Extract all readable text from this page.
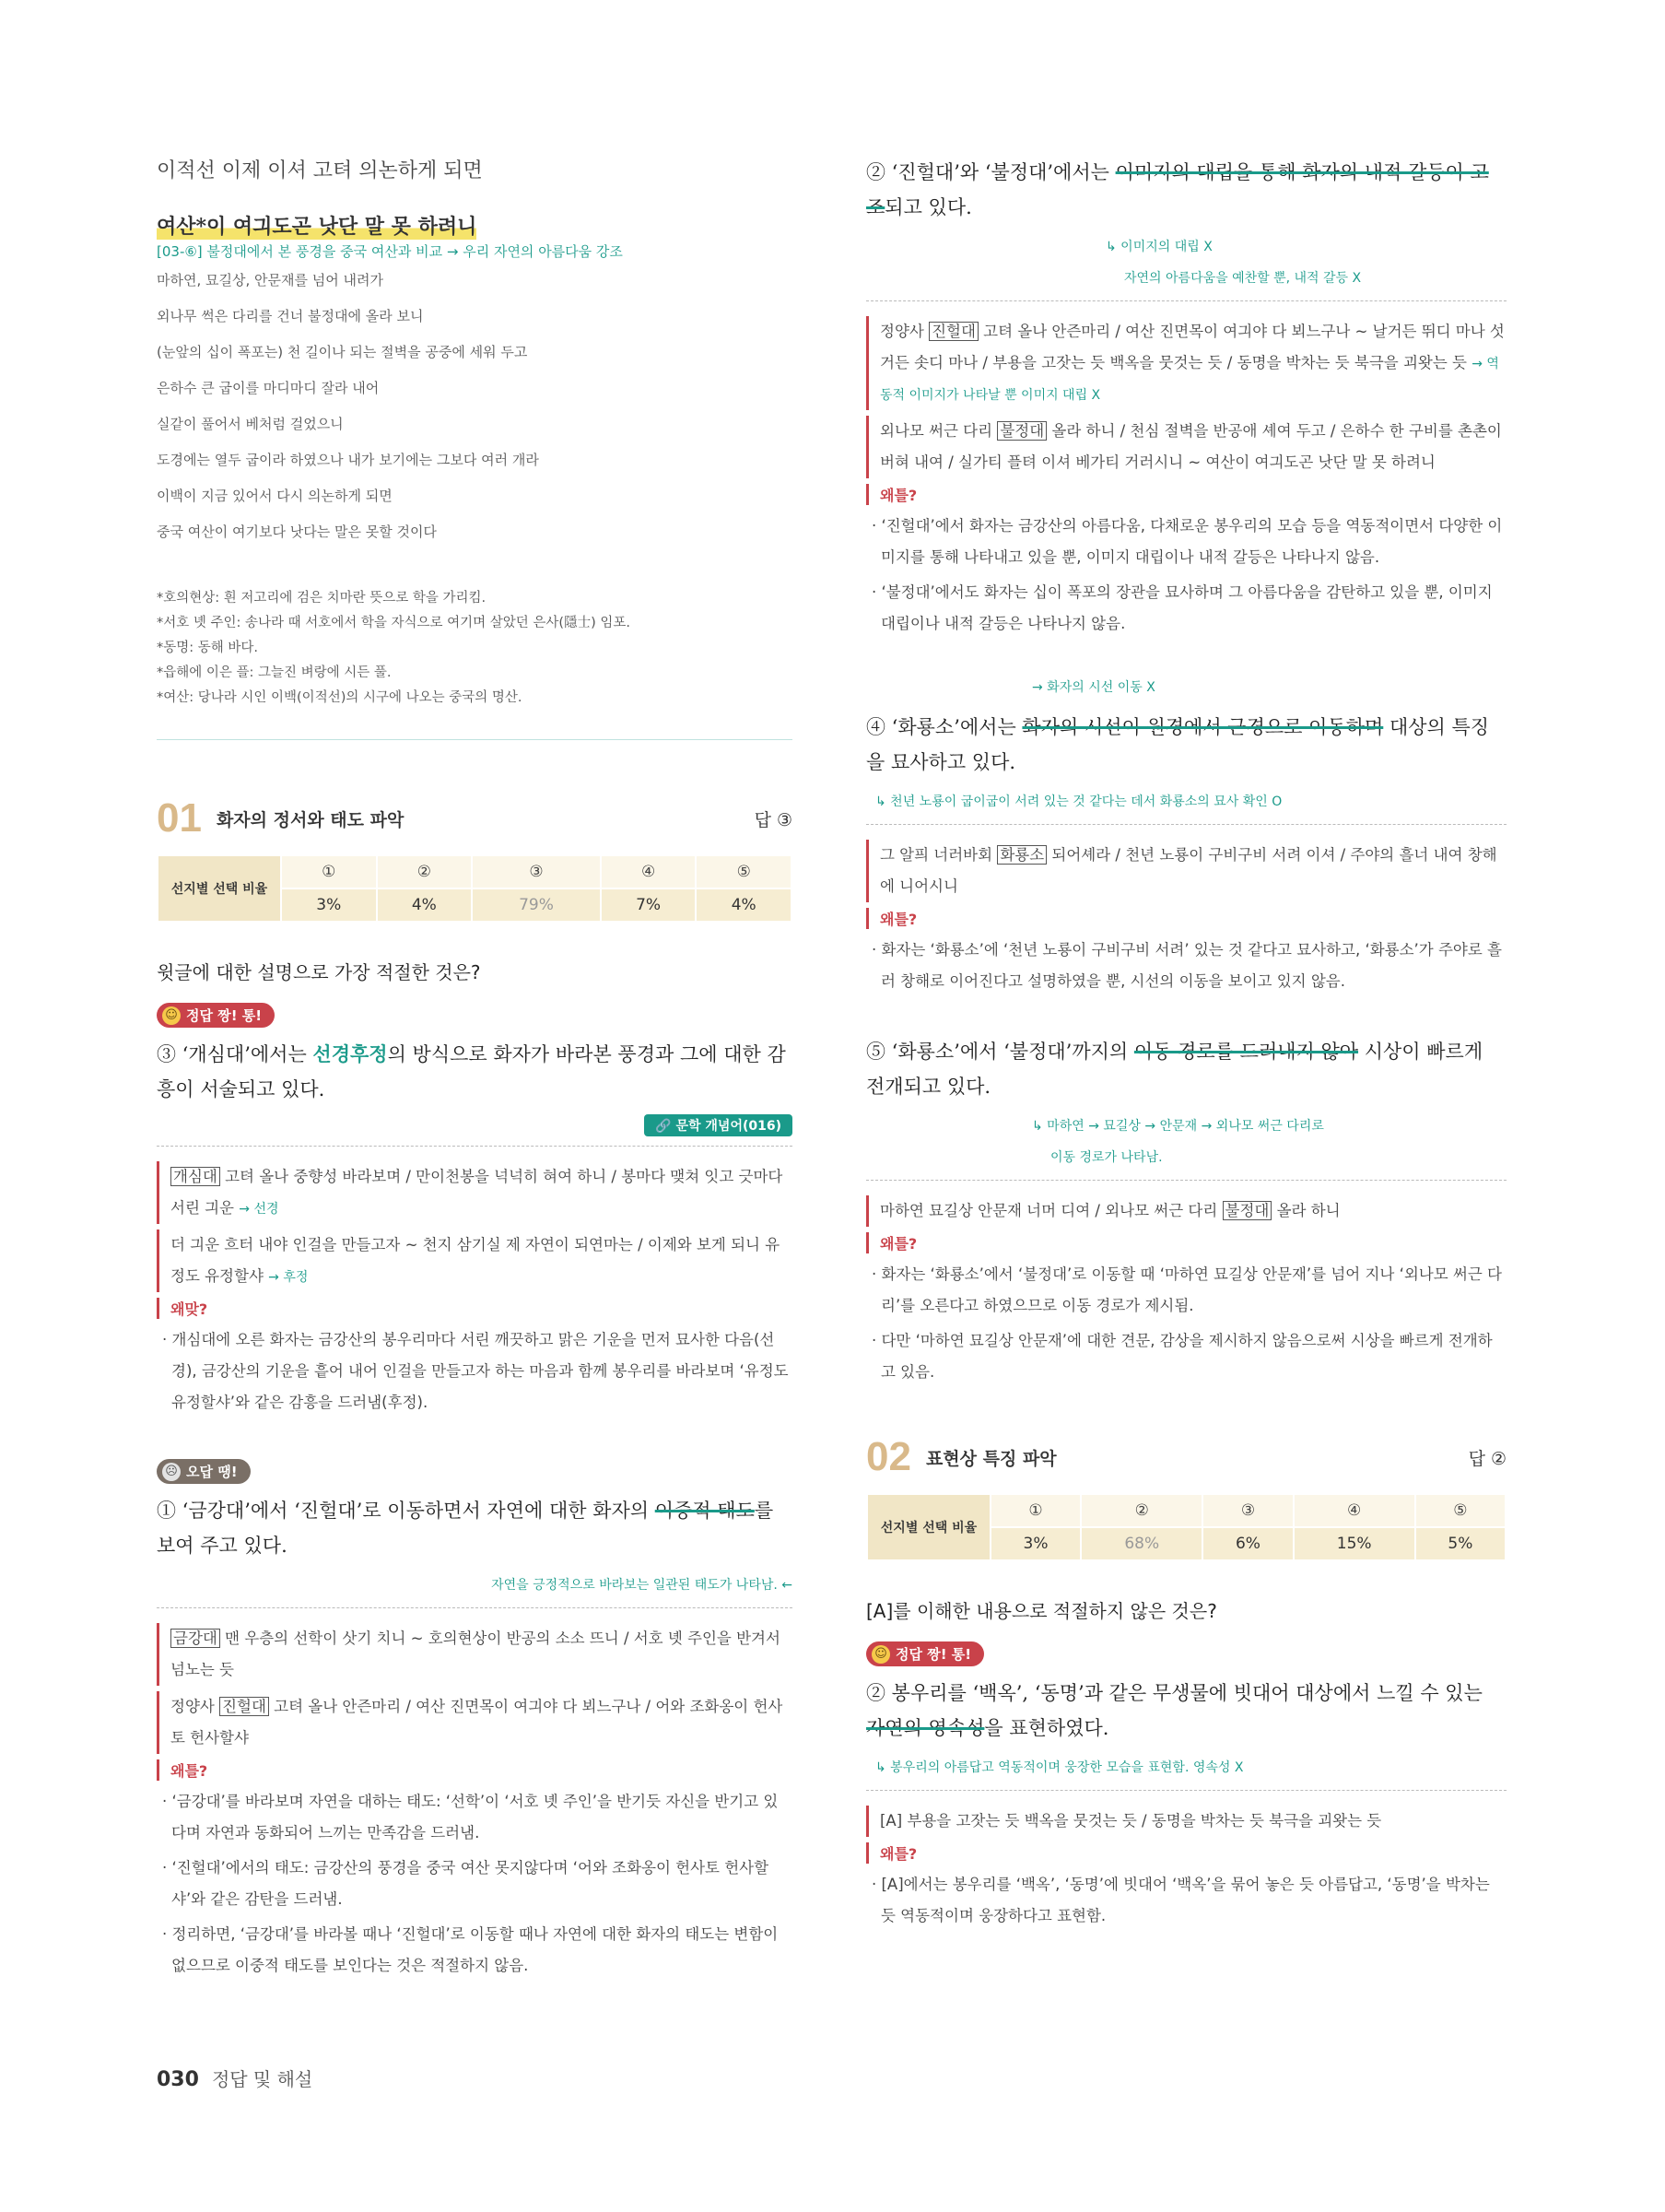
이적선 이제 이셔 고텨 의논하게 되면

여산*이 여긔도곤 낫단 말 못 하려니

[03-⑥] 불정대에서 본 풍경을 중국 여산과 비교 → 우리 자연의 아름다움 강조

마하연, 묘길상, 안문재를 넘어 내려가

외나무 썩은 다리를 건너 불정대에 올라 보니

(눈앞의 십이 폭포는) 천 길이나 되는 절벽을 공중에 세워 두고

은하수 큰 굽이를 마디마디 잘라 내어

실같이 풀어서 베처럼 걸었으니

도경에는 열두 굽이라 하였으나 내가 보기에는 그보다 여러 개라

이백이 지금 있어서 다시 의논하게 되면

중국 여산이 여기보다 낫다는 말은 못할 것이다

*호의현상: 흰 저고리에 검은 치마란 뜻으로 학을 가리킴.

*서호 녯 주인: 송나라 때 서호에서 학을 자식으로 여기며 살았던 은사(隱士) 임포.

*동명: 동해 바다.

*읍해에 이은 플: 그늘진 벼랑에 시든 풀.

*여산: 당나라 시인 이백(이적선)의 시구에 나오는 중국의 명산.

01 화자의 정서와 태도 파악	답 ③
선지별 선택 비율	①	②	③	④	⑤
	3%	4%	79%	7%	4%

윗글에 대한 설명으로 가장 적절한 것은?

☺ 정답 짱! 통!

③ ‘개심대’에서는 선경후정의 방식으로 화자가 바라본 풍경과 그에 대한 감흥이 서술되고 있다.

🔗 문학 개념어(016)

개심대 고텨 올나 중향성 바라보며 / 만이천봉을 넉넉히 혀여 하니 / 봉마다 맺쳐 잇고 긋마다 서린 긔운 → 선경

더 긔운 흐터 내야 인걸을 만들고자 ~ 천지 삼기실 제 자연이 되연마는 / 이제와 보게 되니 유정도 유정할샤 → 후정

왜맞?

· 개심대에 오른 화자는 금강산의 봉우리마다 서린 깨끗하고 맑은 기운을 먼저 묘사한 다음(선경), 금강산의 기운을 흩어 내어 인걸을 만들고자 하는 마음과 함께 봉우리를 바라보며 ‘유정도 유정할샤’와 같은 감흥을 드러냄(후정).

☹ 오답 땡!

① ‘금강대’에서 ‘진헐대’로 이동하면서 자연에 대한 화자의 이중적 태도를 보여 주고 있다.

자연을 긍정적으로 바라보는 일관된 태도가 나타남. ←

금강대 맨 우층의 선학이 삿기 치니 ~ 호의현상이 반공의 소소 뜨니 / 서호 녯 주인을 반겨서 넘노는 듯

정양사 진헐대 고텨 올나 안즌마리 / 여산 진면목이 여긔야 다 뵈느구나 / 어와 조화옹이 헌사토 헌사할샤

왜틀?

· ‘금강대’를 바라보며 자연을 대하는 태도: ‘선학’이 ‘서호 녯 주인’을 반기듯 자신을 반기고 있다며 자연과 동화되어 느끼는 만족감을 드러냄.

· ‘진헐대’에서의 태도: 금강산의 풍경을 중국 여산 못지않다며 ‘어와 조화옹이 헌사토 헌사할샤’와 같은 감탄을 드러냄.

· 정리하면, ‘금강대’를 바라볼 때나 ‘진헐대’로 이동할 때나 자연에 대한 화자의 태도는 변함이 없으므로 이중적 태도를 보인다는 것은 적절하지 않음.

② ‘진헐대’와 ‘불정대’에서는 이미지의 대립을 통해 화자의 내적 갈등이 고조되고 있다.

↳ 이미지의 대립 X

자연의 아름다움을 예찬할 뿐, 내적 갈등 X

정양사 진헐대 고텨 올나 안즌마리 / 여산 진면목이 여긔야 다 뵈느구나 ~ 날거든 뛰디 마나 섯거든 솟디 마나 / 부용을 고잣는 듯 백옥을 뭇것는 듯 / 동명을 박차는 듯 북극을 괴왓는 듯 → 역동적 이미지가 나타날 뿐 이미지 대립 X

외나모 써근 다리 불정대 올라 하니 / 천심 절벽을 반공애 셰여 두고 / 은하수 한 구비를 촌촌이 버혀 내여 / 실가티 플텨 이셔 베가티 거러시니 ~ 여산이 여긔도곤 낫단 말 못 하려니

왜틀?

· ‘진헐대’에서 화자는 금강산의 아름다움, 다채로운 봉우리의 모습 등을 역동적이면서 다양한 이미지를 통해 나타내고 있을 뿐, 이미지 대립이나 내적 갈등은 나타나지 않음.

· ‘불정대’에서도 화자는 십이 폭포의 장관을 묘사하며 그 아름다움을 감탄하고 있을 뿐, 이미지 대립이나 내적 갈등은 나타나지 않음.

→ 화자의 시선 이동 X

④ ‘화룡소’에서는 화자의 시선이 원경에서 근경으로 이동하며 대상의 특징을 묘사하고 있다.

↳ 천년 노룡이 굽이굽이 서려 있는 것 같다는 데서 화룡소의 묘사 확인 O

그 알픠 너러바회 화룡소 되어셰라 / 천년 노룡이 구비구비 서려 이셔 / 주야의 흘너 내여 창해에 니어시니

왜틀?

· 화자는 ‘화룡소’에 ‘천년 노룡이 구비구비 서려’ 있는 것 같다고 묘사하고, ‘화룡소’가 주야로 흘러 창해로 이어진다고 설명하였을 뿐, 시선의 이동을 보이고 있지 않음.

⑤ ‘화룡소’에서 ‘불정대’까지의 이동 경로를 드러내지 않아 시상이 빠르게 전개되고 있다.

↳ 마하연 → 묘길상 → 안문재 → 외나모 써근 다리로

이동 경로가 나타남.

마하연 묘길상 안문재 너머 디여 / 외나모 써근 다리 불정대 올라 하니

왜틀?

· 화자는 ‘화룡소’에서 ‘불정대’로 이동할 때 ‘마하연 묘길상 안문재’를 넘어 지나 ‘외나모 써근 다리’를 오른다고 하였으므로 이동 경로가 제시됨.

· 다만 ‘마하연 묘길상 안문재’에 대한 견문, 감상을 제시하지 않음으로써 시상을 빠르게 전개하고 있음.

02 표현상 특징 파악	답 ②
선지별 선택 비율	①	②	③	④	⑤
	3%	68%	6%	15%	5%

[A]를 이해한 내용으로 적절하지 않은 것은?

☺ 정답 짱! 통!

② 봉우리를 ‘백옥’, ‘동명’과 같은 무생물에 빗대어 대상에서 느낄 수 있는 자연의 영속성을 표현하였다.

↳ 봉우리의 아름답고 역동적이며 웅장한 모습을 표현함. 영속성 X

[A] 부용을 고잣는 듯 백옥을 뭇것는 듯 / 동명을 박차는 듯 북극을 괴왓는 듯

왜틀?

· [A]에서는 봉우리를 ‘백옥’, ‘동명’에 빗대어 ‘백옥’을 묶어 놓은 듯 아름답고, ‘동명’을 박차는 듯 역동적이며 웅장하다고 표현함.

030 정답 및 해설
